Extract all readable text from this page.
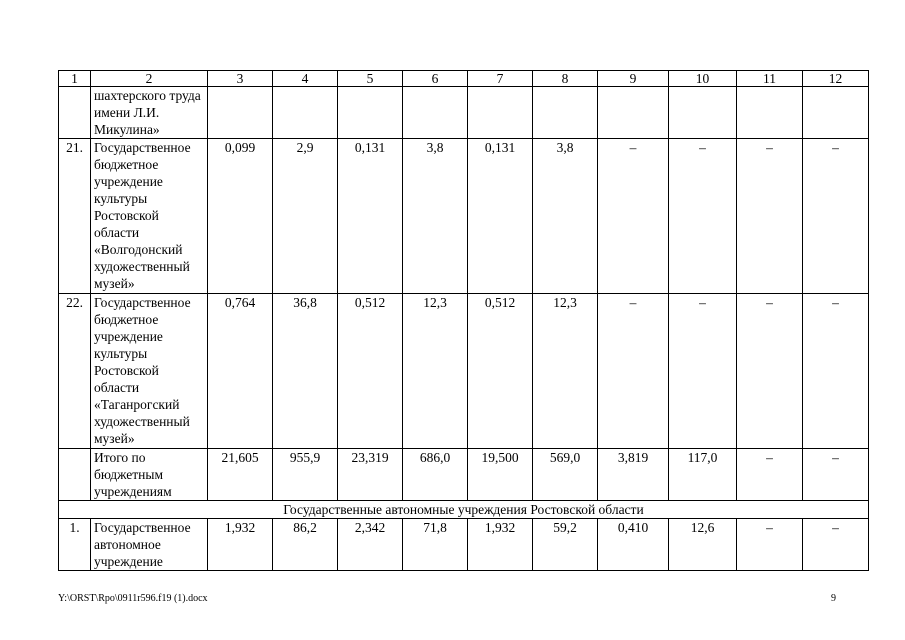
1	2	3	4	5	6	7	8	9	10	11	12
	шахтерского труда имени Л.И. Микулина»										
21.	Государственное бюджетное учреждение культуры Ростовской области «Волгодонский художественный музей»	0,099	2,9	0,131	3,8	0,131	3,8	–	–	–	–
22.	Государственное бюджетное учреждение культуры Ростовской области «Таганрогский художественный музей»	0,764	36,8	0,512	12,3	0,512	12,3	–	–	–	–
	Итого по бюджетным учреждениям	21,605	955,9	23,319	686,0	19,500	569,0	3,819	117,0	–	–
Государственные автономные учреждения Ростовской области											
1.	Государственное автономное учреждение	1,932	86,2	2,342	71,8	1,932	59,2	0,410	12,6	–	–
Y:\ORST\Rpo\0911r596.f19 (1).docx	9
